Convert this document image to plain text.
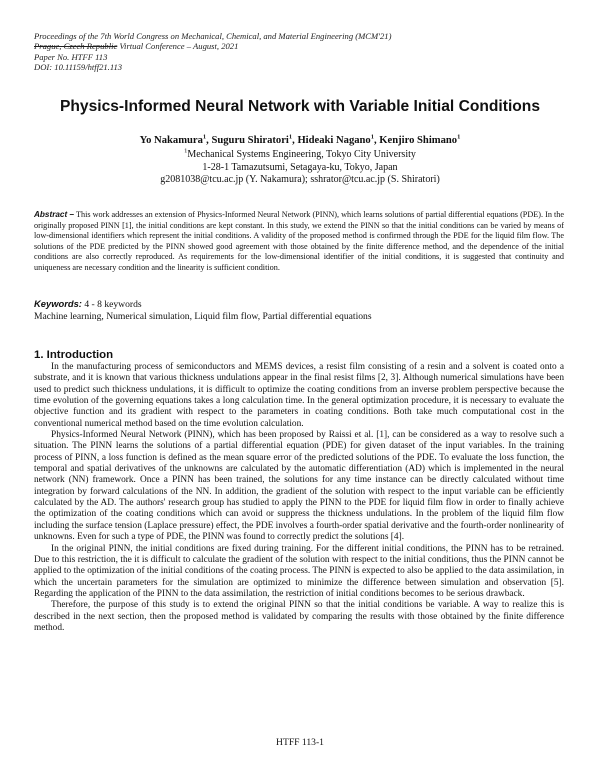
Proceedings of the 7th World Congress on Mechanical, Chemical, and Material Engineering (MCM'21)
Prague, Czech Republic Virtual Conference – August, 2021
Paper No. HTFF 113
DOI: 10.11159/htff21.113
Physics-Informed Neural Network with Variable Initial Conditions
Yo Nakamura$^1$, Suguru Shiratori$^1$, Hideaki Nagano$^1$, Kenjiro Shimano$^1$
$^1$Mechanical Systems Engineering, Tokyo City University
1-28-1 Tamazutsumi, Setagaya-ku, Tokyo, Japan
g2081038@tcu.ac.jp (Y. Nakamura); sshrator@tcu.ac.jp (S. Shiratori)
Abstract – This work addresses an extension of Physics-Informed Neural Network (PINN), which learns solutions of partial differential equations (PDE). In the originally proposed PINN [1], the initial conditions are kept constant. In this study, we extend the PINN so that the initial conditions can be varied by means of low-dimensional identifiers which represent the initial conditions. A validity of the proposed method is confirmed through the PDE for the liquid film flow. The solutions of the PDE predicted by the PINN showed good agreement with those obtained by the finite difference method, and the dependence of the initial conditions are also correctly reproduced. As requirements for the low-dimensional identifier of the initial conditions, it is suggested that continuity and uniqueness are necessary condition and the linearity is sufficient condition.
Keywords: 4 - 8 keywords
Machine learning, Numerical simulation, Liquid film flow, Partial differential equations
1. Introduction

In the manufacturing process of semiconductors and MEMS devices, a resist film consisting of a resin and a solvent is coated onto a substrate, and it is known that various thickness undulations appear in the final resist films [2, 3]. Although numerical simulations have been used to predict such thickness undulations, it is difficult to optimize the coating conditions from an inverse problem perspective because the time evolution of the governing equations takes a long calculation time. In the general optimization procedure, it is necessary to evaluate the objective function and its gradient with respect to the parameters in coating conditions. Both take much computational cost in the conventional numerical method based on the time evolution calculation.

Physics-Informed Neural Network (PINN), which has been proposed by Raissi et al. [1], can be considered as a way to resolve such a situation. The PINN learns the solutions of a partial differential equation (PDE) for given dataset of the input variables. In the training process of PINN, a loss function is defined as the mean square error of the predicted solutions of the PDE. To evaluate the loss function, the temporal and spatial derivatives of the unknowns are calculated by the automatic differentiation (AD) which is implemented in the neural network (NN) framework. Once a PINN has been trained, the solutions for any time instance can be directly calculated without time integration by forward calculations of the NN. In addition, the gradient of the solution with respect to the input variable can be efficiently calculated by the AD. The authors' research group has studied to apply the PINN to the PDE for liquid film flow in order to finally achieve the optimization of the coating conditions which can avoid or suppress the thickness undulations. In the problem of the liquid film flow including the surface tension (Laplace pressure) effect, the PDE involves a fourth-order spatial derivative and the fourth-order nonlinearity of unknowns. Even for such a type of PDE, the PINN was found to correctly predict the solutions [4].

In the original PINN, the initial conditions are fixed during training. For the different initial conditions, the PINN has to be retrained. Due to this restriction, the it is difficult to calculate the gradient of the solution with respect to the initial conditions, thus the PINN cannot be applied to the optimization of the initial conditions of the coating process. The PINN is expected to also be applied to the data assimilation, in which the uncertain parameters for the simulation are optimized to minimize the difference between simulation and observation [5]. Regarding the application of the PINN to the data assimilation, the restriction of initial conditions becomes to be serious drawback.

Therefore, the purpose of this study is to extend the original PINN so that the initial conditions be variable. A way to realize this is described in the next section, then the proposed method is validated by comparing the results with those obtained by the finite difference method.

HTFF 113-1
